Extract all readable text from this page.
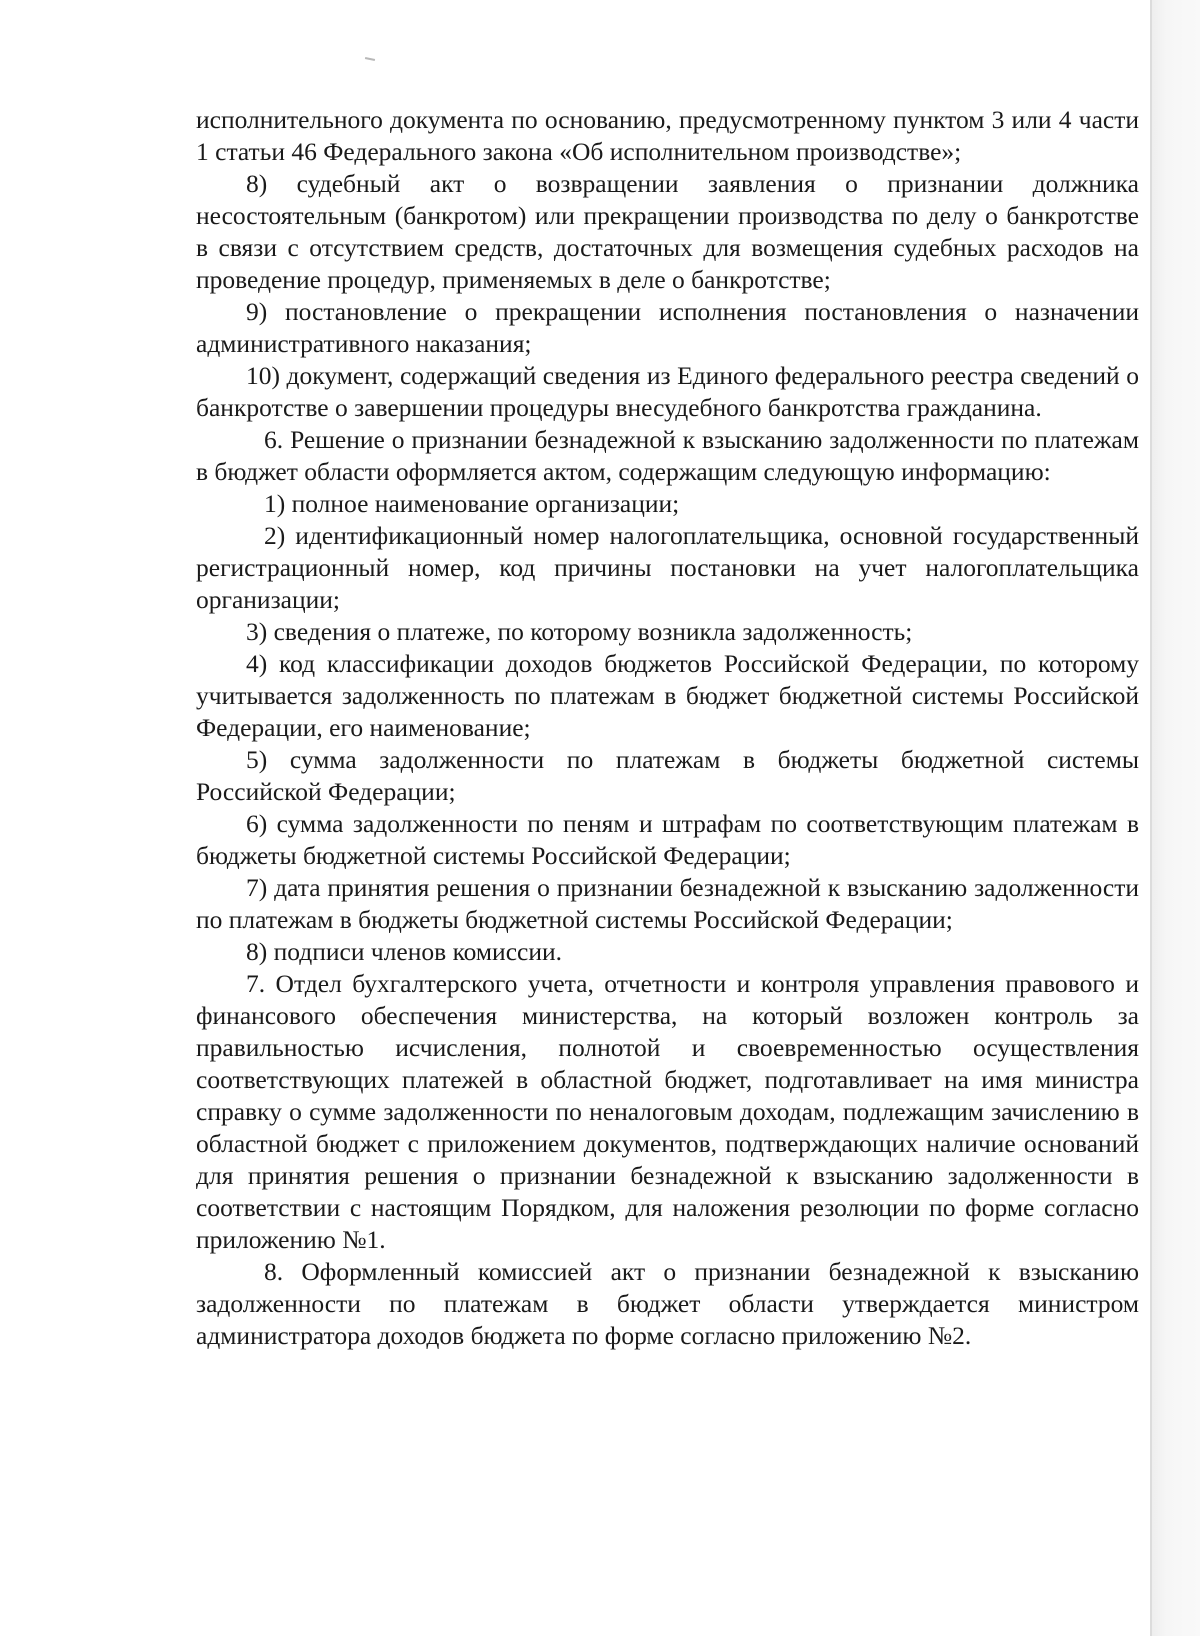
исполнительного документа по основанию, предусмотренному пунктом 3 или 4 части 1 статьи 46 Федерального закона «Об исполнительном производстве»;

8) судебный акт о возвращении заявления о признании должника несостоятельным (банкротом) или прекращении производства по делу о банкротстве в связи с отсутствием средств, достаточных для возмещения судебных расходов на проведение процедур, применяемых в деле о банкротстве;

9) постановление о прекращении исполнения постановления о назначении административного наказания;

10) документ, содержащий сведения из Единого федерального реестра сведений о банкротстве о завершении процедуры внесудебного банкротства гражданина.

6. Решение о признании безнадежной к взысканию задолженности по платежам в бюджет области оформляется актом, содержащим следующую информацию:

1) полное наименование организации;

2) идентификационный номер налогоплательщика, основной государственный регистрационный номер, код причины постановки на учет налогоплательщика организации;

3) сведения о платеже, по которому возникла задолженность;

4) код классификации доходов бюджетов Российской Федерации, по которому учитывается задолженность по платежам в бюджет бюджетной системы Российской Федерации, его наименование;

5) сумма задолженности по платежам в бюджеты бюджетной системы Российской Федерации;

6) сумма задолженности по пеням и штрафам по соответствующим платежам в бюджеты бюджетной системы Российской Федерации;

7) дата принятия решения о признании безнадежной к взысканию задолженности по платежам в бюджеты бюджетной системы Российской Федерации;

8) подписи членов комиссии.

7. Отдел бухгалтерского учета, отчетности и контроля управления правового и финансового обеспечения министерства, на который возложен контроль за правильностью исчисления, полнотой и своевременностью осуществления соответствующих платежей в областной бюджет, подготавливает на имя министра справку о сумме задолженности по неналоговым доходам, подлежащим зачислению в областной бюджет с приложением документов, подтверждающих наличие оснований для принятия решения о признании безнадежной к взысканию задолженности в соответствии с настоящим Порядком, для наложения резолюции по форме согласно приложению №1.

8. Оформленный комиссией акт о признании безнадежной к взысканию задолженности по платежам в бюджет области утверждается министром администратора доходов бюджета по форме согласно приложению №2.
